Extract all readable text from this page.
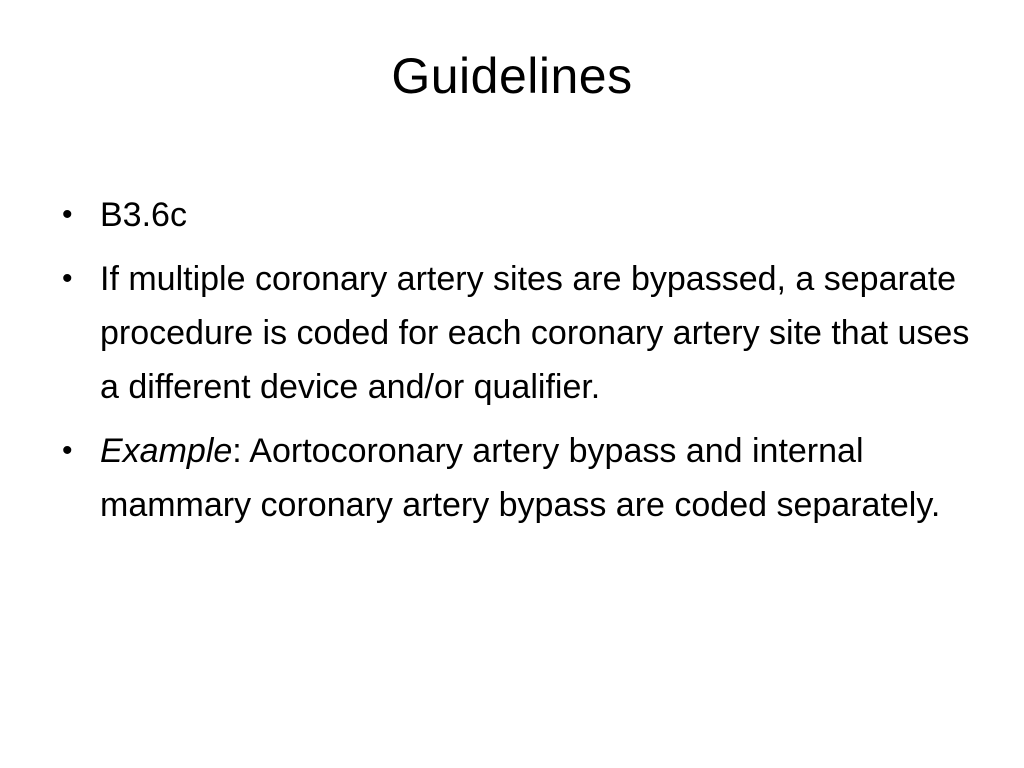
Guidelines
• B3.6c
• If multiple coronary artery sites are bypassed, a separate procedure is coded for each coronary artery site that uses a different device and/or qualifier.
• Example: Aortocoronary artery bypass and internal mammary coronary artery bypass are coded separately.
